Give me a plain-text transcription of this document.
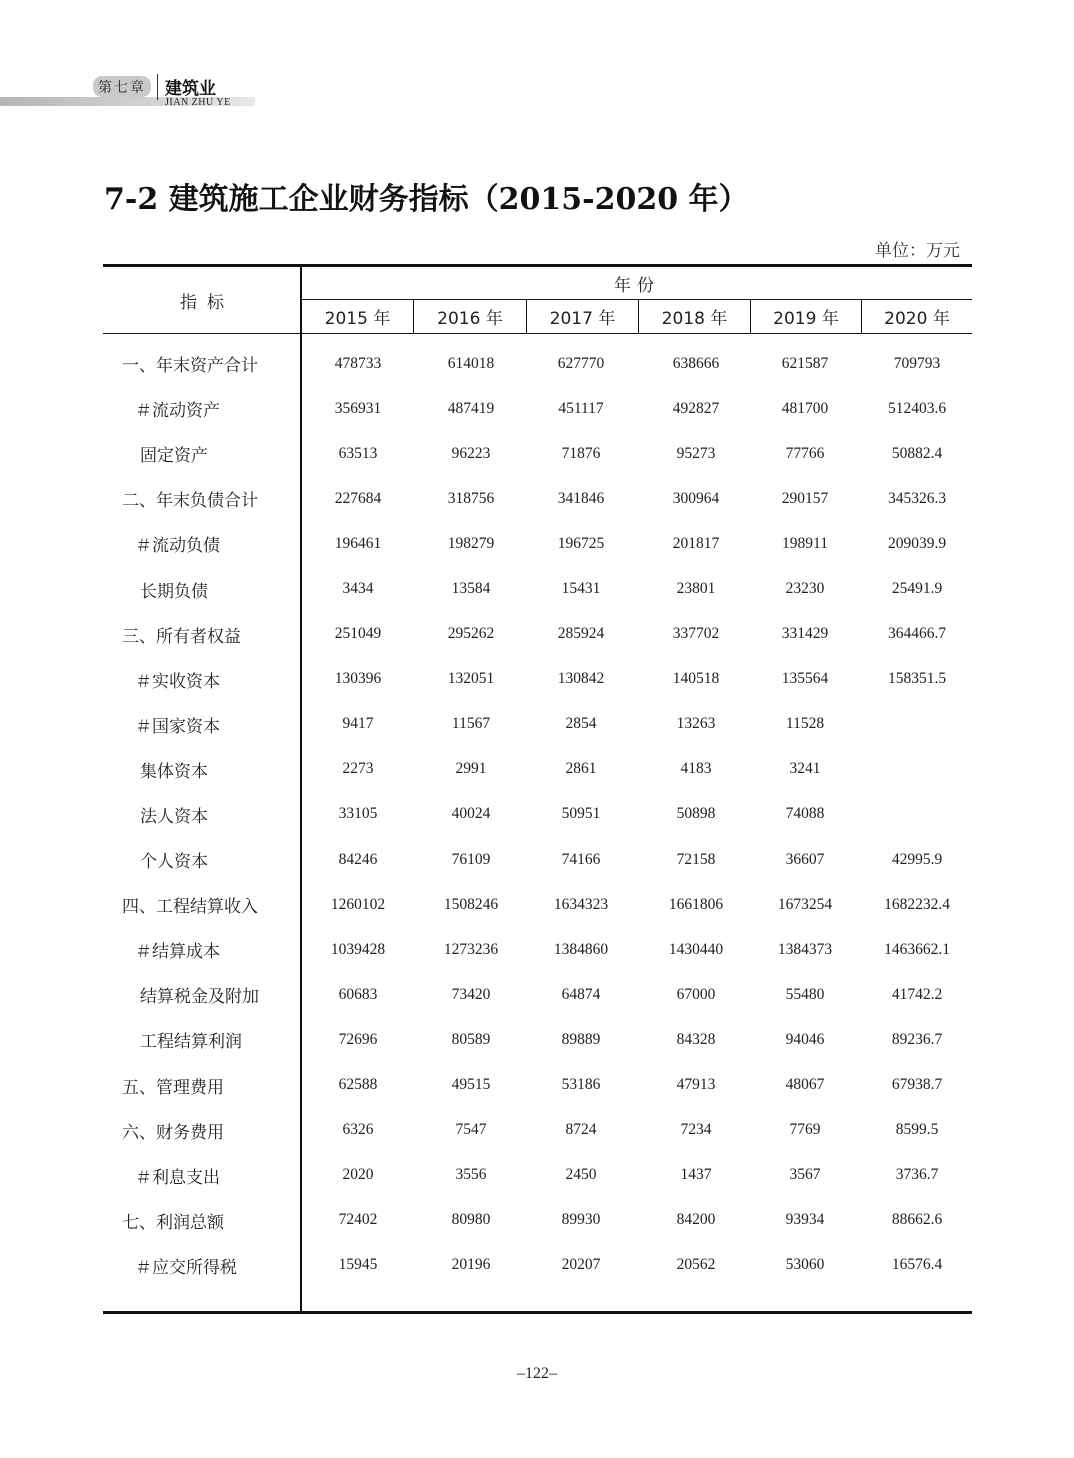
第七章 建筑业
JIAN ZHU YE
7-2 建筑施工企业财务指标（2015-2020 年）
单位：万元
指标
年份
2015 年	2016 年	2017 年	2018 年	2019 年	2020 年
一、年末资产合计	478733	614018	627770	638666	621587	709793
＃流动资产	356931	487419	451117	492827	481700	512403.6
固定资产	63513	96223	71876	95273	77766	50882.4
二、年末负债合计	227684	318756	341846	300964	290157	345326.3
＃流动负债	196461	198279	196725	201817	198911	209039.9
长期负债	3434	13584	15431	23801	23230	25491.9
三、所有者权益	251049	295262	285924	337702	331429	364466.7
＃实收资本	130396	132051	130842	140518	135564	158351.5
＃国家资本	9417	11567	2854	13263	11528
集体资本	2273	2991	2861	4183	3241
法人资本	33105	40024	50951	50898	74088
个人资本	84246	76109	74166	72158	36607	42995.9
四、工程结算收入	1260102	1508246	1634323	1661806	1673254	1682232.4
＃结算成本	1039428	1273236	1384860	1430440	1384373	1463662.1
结算税金及附加	60683	73420	64874	67000	55480	41742.2
工程结算利润	72696	80589	89889	84328	94046	89236.7
五、管理费用	62588	49515	53186	47913	48067	67938.7
六、财务费用	6326	7547	8724	7234	7769	8599.5
＃利息支出	2020	3556	2450	1437	3567	3736.7
七、利润总额	72402	80980	89930	84200	93934	88662.6
＃应交所得税	15945	20196	20207	20562	53060	16576.4
–122–
